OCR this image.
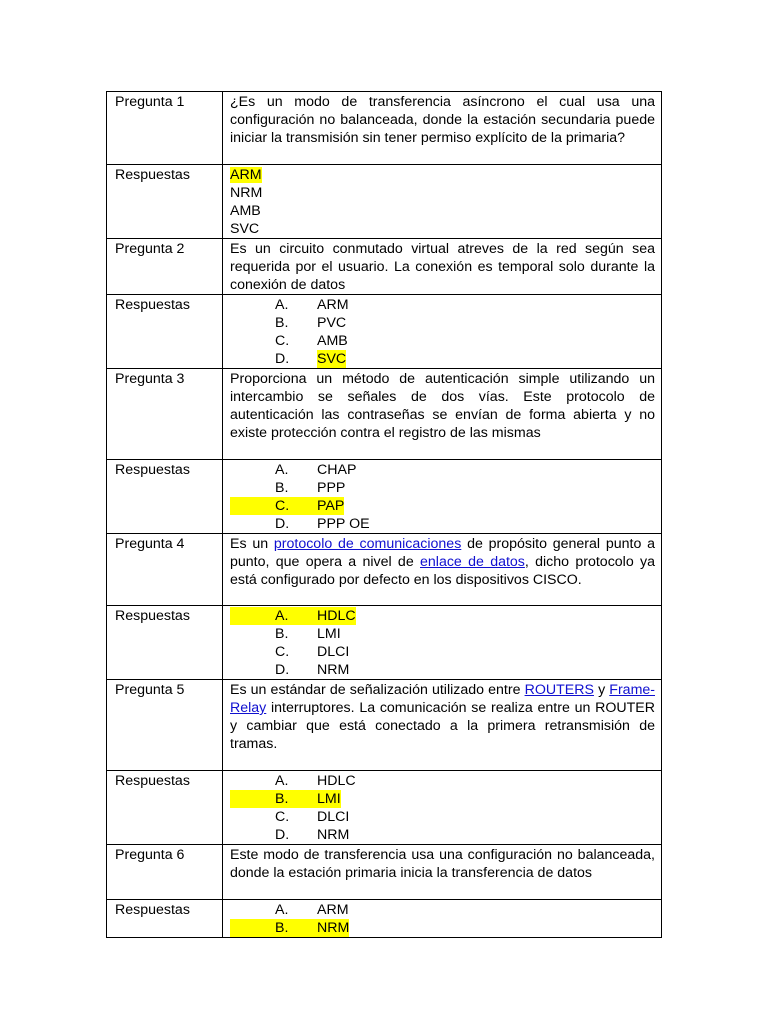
Pregunta 1	¿Es un modo de transferencia asíncrono el cual usa una configuración no balanceada, donde la estación secundaria puede iniciar la transmisión sin tener permiso explícito de la primaria?
Respuestas	ARM
NRM
AMB
SVC

Pregunta 2	Es un circuito conmutado virtual atreves de la red según sea requerida por el usuario. La conexión es temporal solo durante la conexión de datos
Respuestas	A. ARM
B. PVC
C. AMB
D. SVC

Pregunta 3	Proporciona un método de autenticación simple utilizando un intercambio se señales de dos vías. Este protocolo de autenticación las contraseñas se envían de forma abierta y no existe protección contra el registro de las mismas
Respuestas	A. CHAP
B. PPP
C. PAP
D. PPP OE

Pregunta 4	Es un protocolo de comunicaciones de propósito general punto a punto, que opera a nivel de enlace de datos, dicho protocolo ya está configurado por defecto en los dispositivos CISCO.
Respuestas	A. HDLC
B. LMI
C. DLCI
D. NRM

Pregunta 5	Es un estándar de señalización utilizado entre ROUTERS y Frame-Relay interruptores. La comunicación se realiza entre un ROUTER y cambiar que está conectado a la primera retransmisión de tramas.
Respuestas	A. HDLC
B. LMI
C. DLCI
D. NRM

Pregunta 6	Este modo de transferencia usa una configuración no balanceada, donde la estación primaria inicia la transferencia de datos
Respuestas	A. ARM
B. NRM
